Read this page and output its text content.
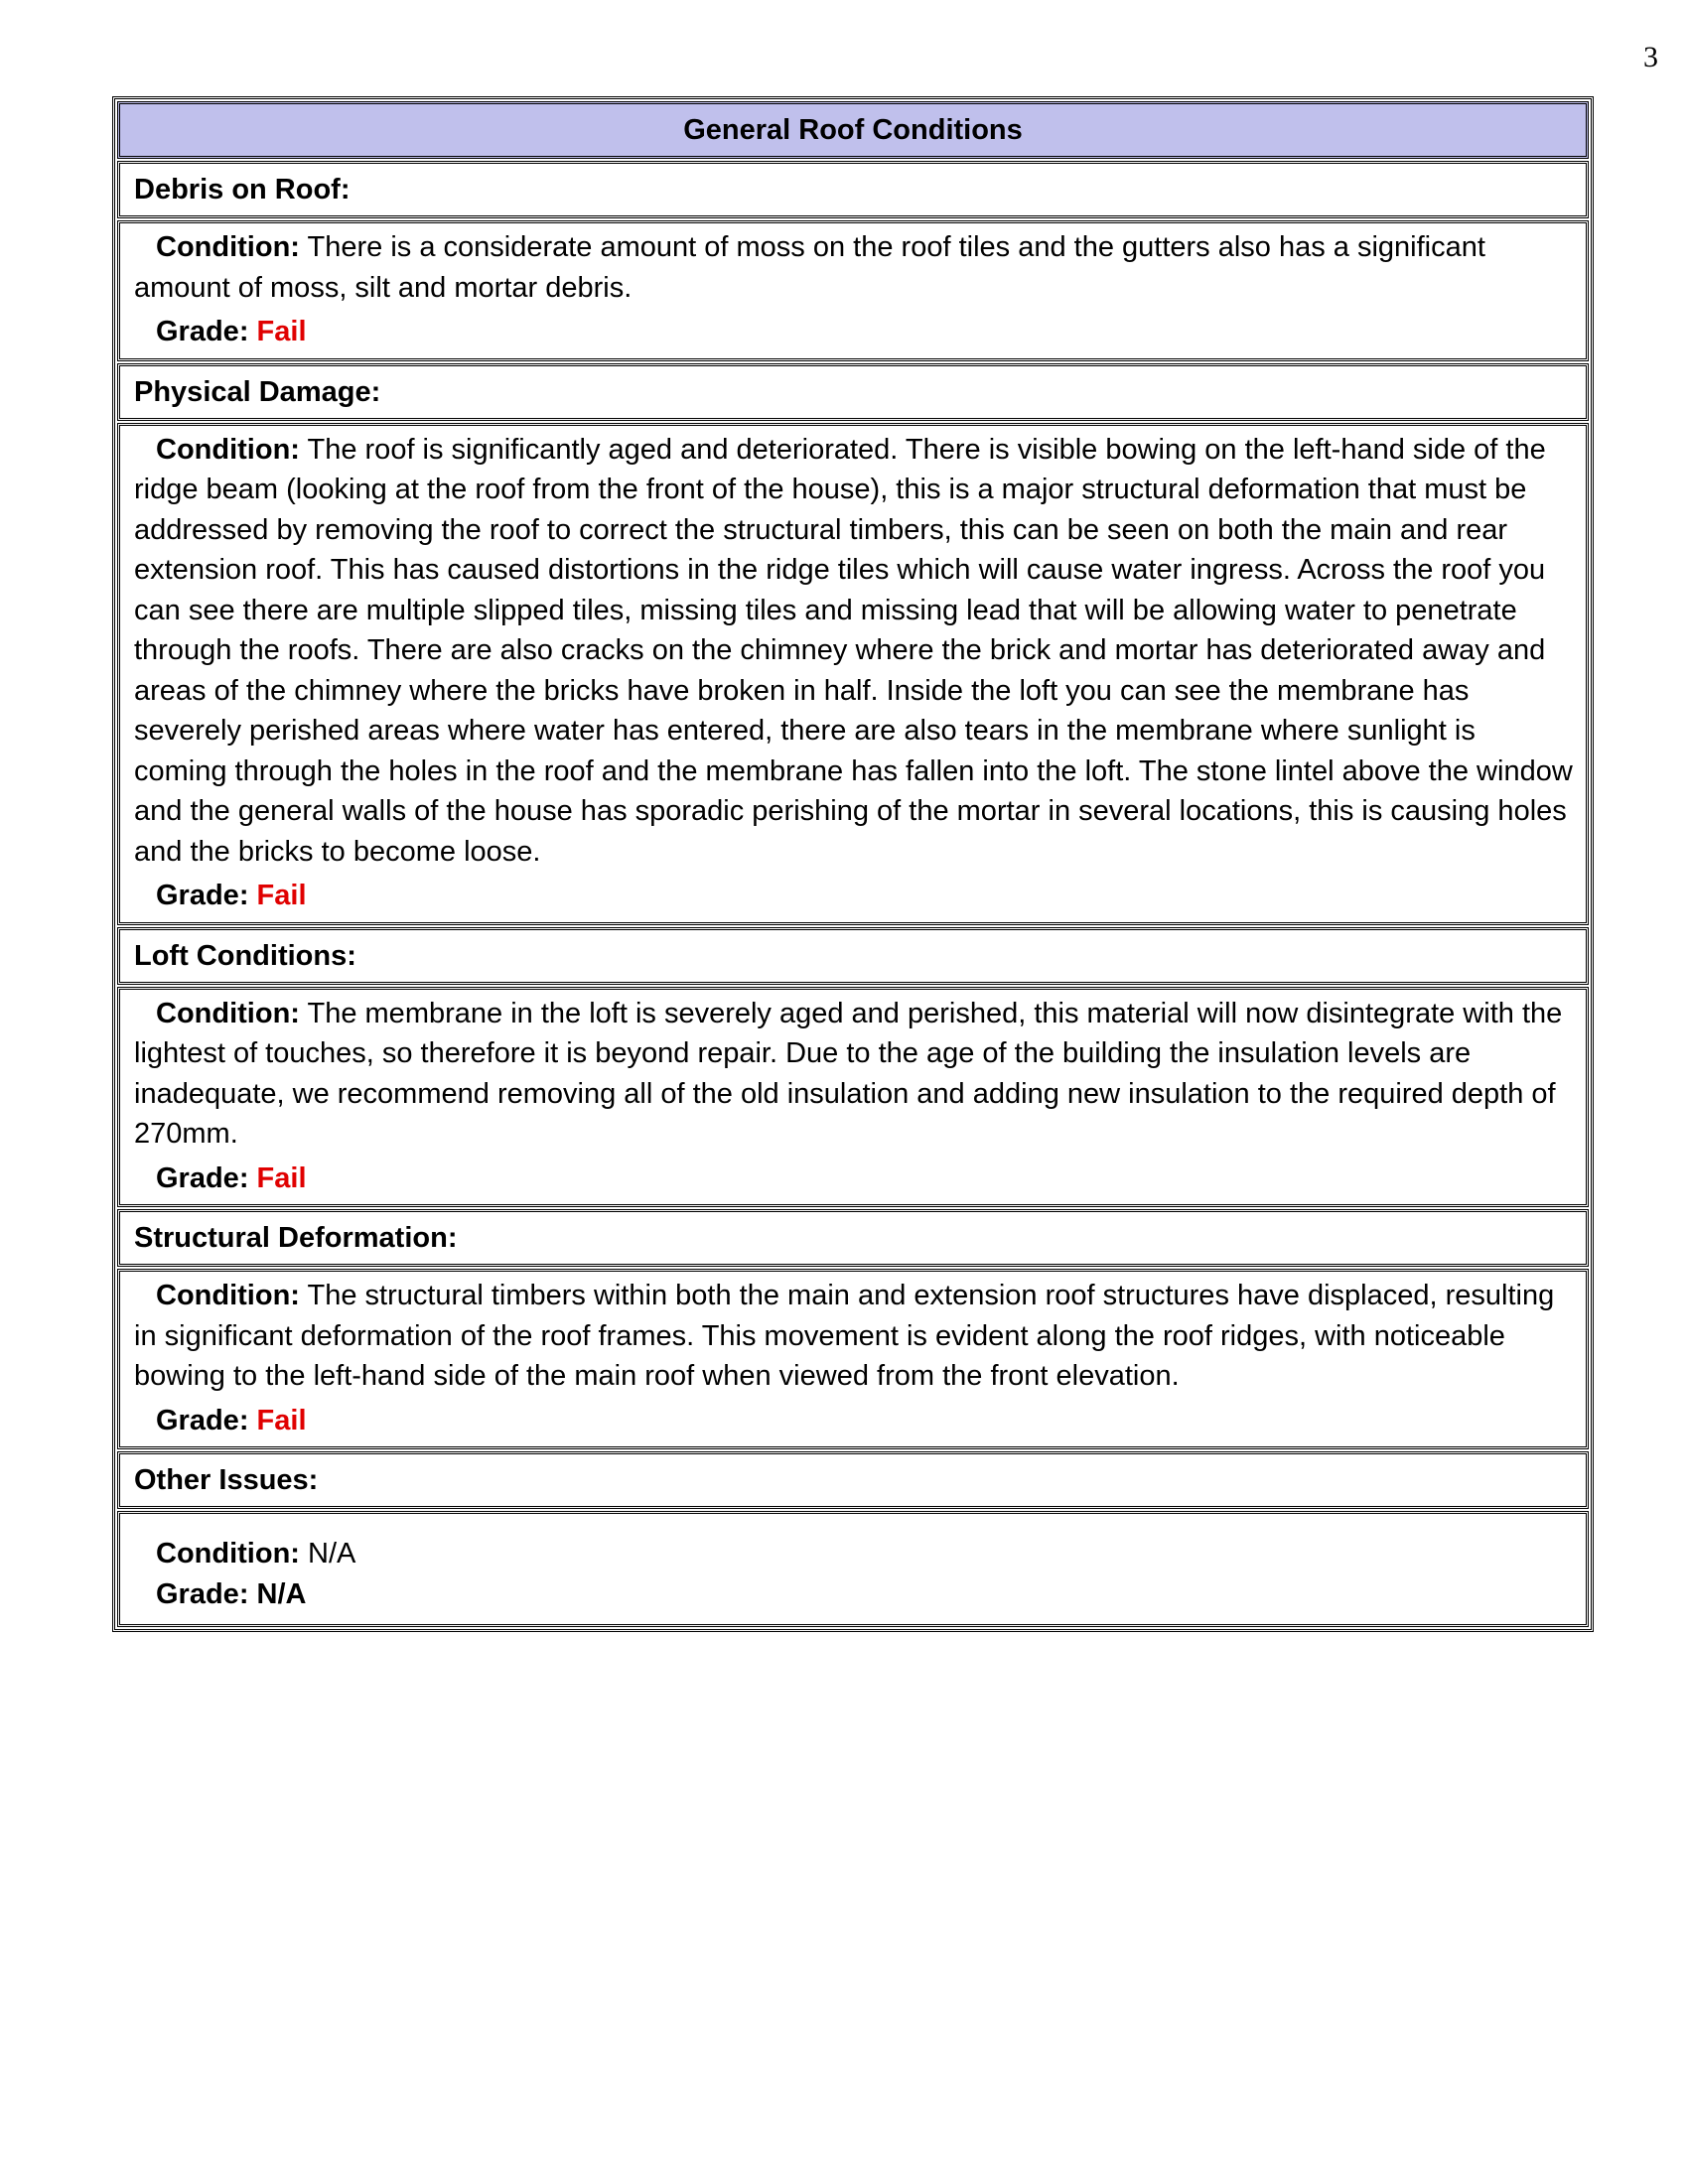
3
General Roof Conditions
Debris on Roof:

Condition: There is a considerate amount of moss on the roof tiles and the gutters also has a significant amount of moss, silt and mortar debris.

Grade: Fail

Physical Damage:

Condition: The roof is significantly aged and deteriorated. There is visible bowing on the left-hand side of the ridge beam (looking at the roof from the front of the house), this is a major structural deformation that must be addressed by removing the roof to correct the structural timbers, this can be seen on both the main and rear extension roof. This has caused distortions in the ridge tiles which will cause water ingress. Across the roof you can see there are multiple slipped tiles, missing tiles and missing lead that will be allowing water to penetrate through the roofs. There are also cracks on the chimney where the brick and mortar has deteriorated away and areas of the chimney where the bricks have broken in half. Inside the loft you can see the membrane has severely perished areas where water has entered, there are also tears in the membrane where sunlight is coming through the holes in the roof and the membrane has fallen into the loft. The stone lintel above the window and the general walls of the house has sporadic perishing of the mortar in several locations, this is causing holes and the bricks to become loose.

Grade: Fail

Loft Conditions:

Condition: The membrane in the loft is severely aged and perished, this material will now disintegrate with the lightest of touches, so therefore it is beyond repair. Due to the age of the building the insulation levels are inadequate, we recommend removing all of the old insulation and adding new insulation to the required depth of 270mm.

Grade: Fail

Structural Deformation:

Condition: The structural timbers within both the main and extension roof structures have displaced, resulting in significant deformation of the roof frames. This movement is evident along the roof ridges, with noticeable bowing to the left-hand side of the main roof when viewed from the front elevation.

Grade: Fail

Other Issues:

Condition: N/A

Grade: N/A
